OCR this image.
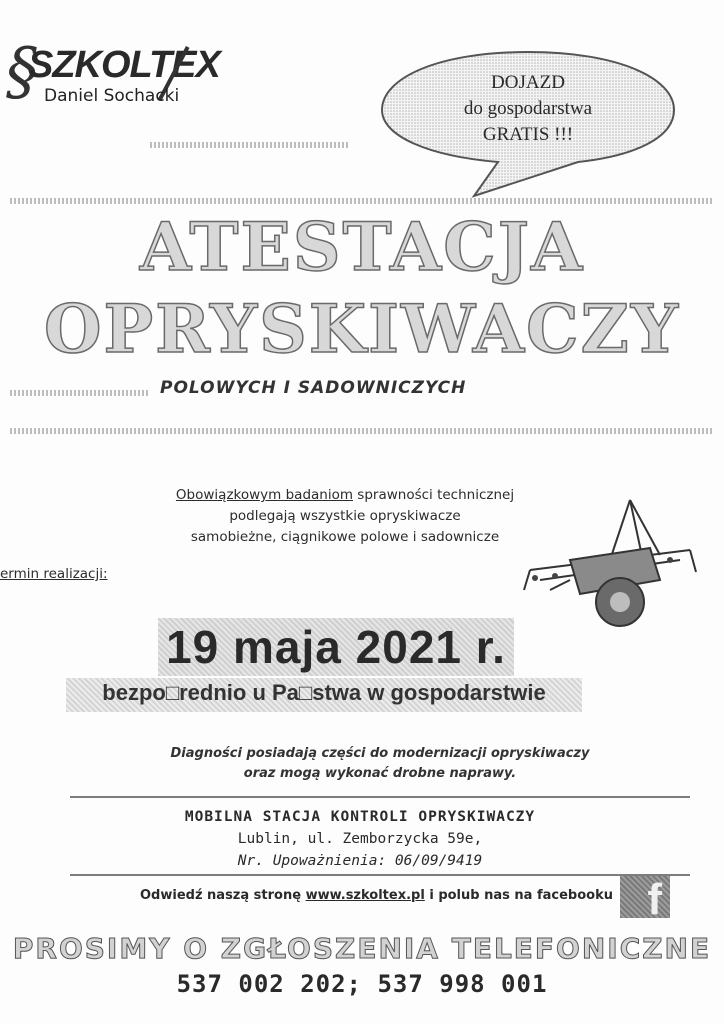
§
SZKOLTEX
Daniel Sochacki
DOJAZD
do gospodarstwa
GRATIS !!!
ATESTACJA
OPRYSKIWACZY
POLOWYCH I SADOWNICZYCH
Obowiązkowym badaniom sprawności technicznej
podlegają wszystkie opryskiwacze
samobieżne, ciągnikowe polowe i sadownicze
ermin realizacji:
19 maja 2021 r.
bezpo□rednio u Pa□stwa w gospodarstwie
Diagności posiadają części do modernizacji opryskiwaczy
oraz mogą wykonać drobne naprawy.
MOBILNA STACJA KONTROLI OPRYSKIWACZY
Lublin, ul. Zemborzycka 59e,
Nr. Upoważnienia: 06/09/9419
Odwiedź naszą stronę www.szkoltex.pl i polub nas na facebooku f
PROSIMY O ZGŁOSZENIA TELEFONICZNE
537 002 202; 537 998 001
